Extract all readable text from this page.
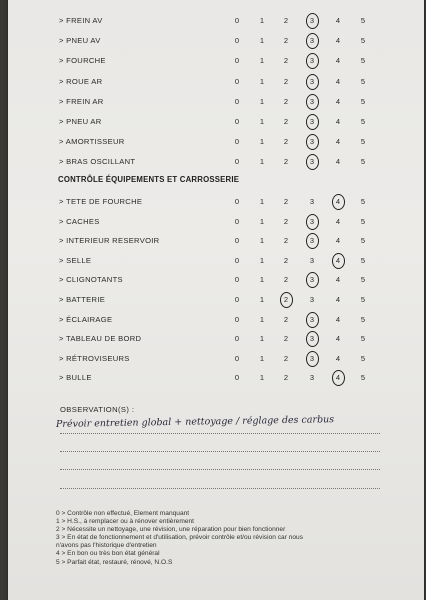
> FREIN AV	0	1	2	3	4	5
> PNEU AV	0	1	2	3	4	5
> FOURCHE	0	1	2	3	4	5
> ROUE AR	0	1	2	3	4	5
> FREIN AR	0	1	2	3	4	5
> PNEU AR	0	1	2	3	4	5
> AMORTISSEUR	0	1	2	3	4	5
> BRAS OSCILLANT	0	1	2	3	4	5
CONTRÔLE ÉQUIPEMENTS ET CARROSSERIE
> TETE DE FOURCHE	0	1	2	3	4	5
> CACHES	0	1	2	3	4	5
> INTERIEUR RESERVOIR	0	1	2	3	4	5
> SELLE	0	1	2	3	4	5
> CLIGNOTANTS	0	1	2	3	4	5
> BATTERIE	0	1	2	3	4	5
> ÉCLAIRAGE	0	1	2	3	4	5
> TABLEAU DE BORD	0	1	2	3	4	5
> RÉTROVISEURS	0	1	2	3	4	5
> BULLE	0	1	2	3	4	5
OBSERVATION(S) :
Prévoir entretien global + nettoyage / réglage des carbus
0 > Contrôle non effectué, Element manquant
1 > H.S., à remplacer ou à rénover entièrement
2 > Nécessite un nettoyage, une révision, une réparation pour bien fonctionner
3 > En état de fonctionnement et d'utilisation, prévoir contrôle et/ou révision car nous
n'avons pas l'historique d'entretien
4 > En bon ou très bon état général
5 > Parfait état, restauré, rénové, N.O.S
